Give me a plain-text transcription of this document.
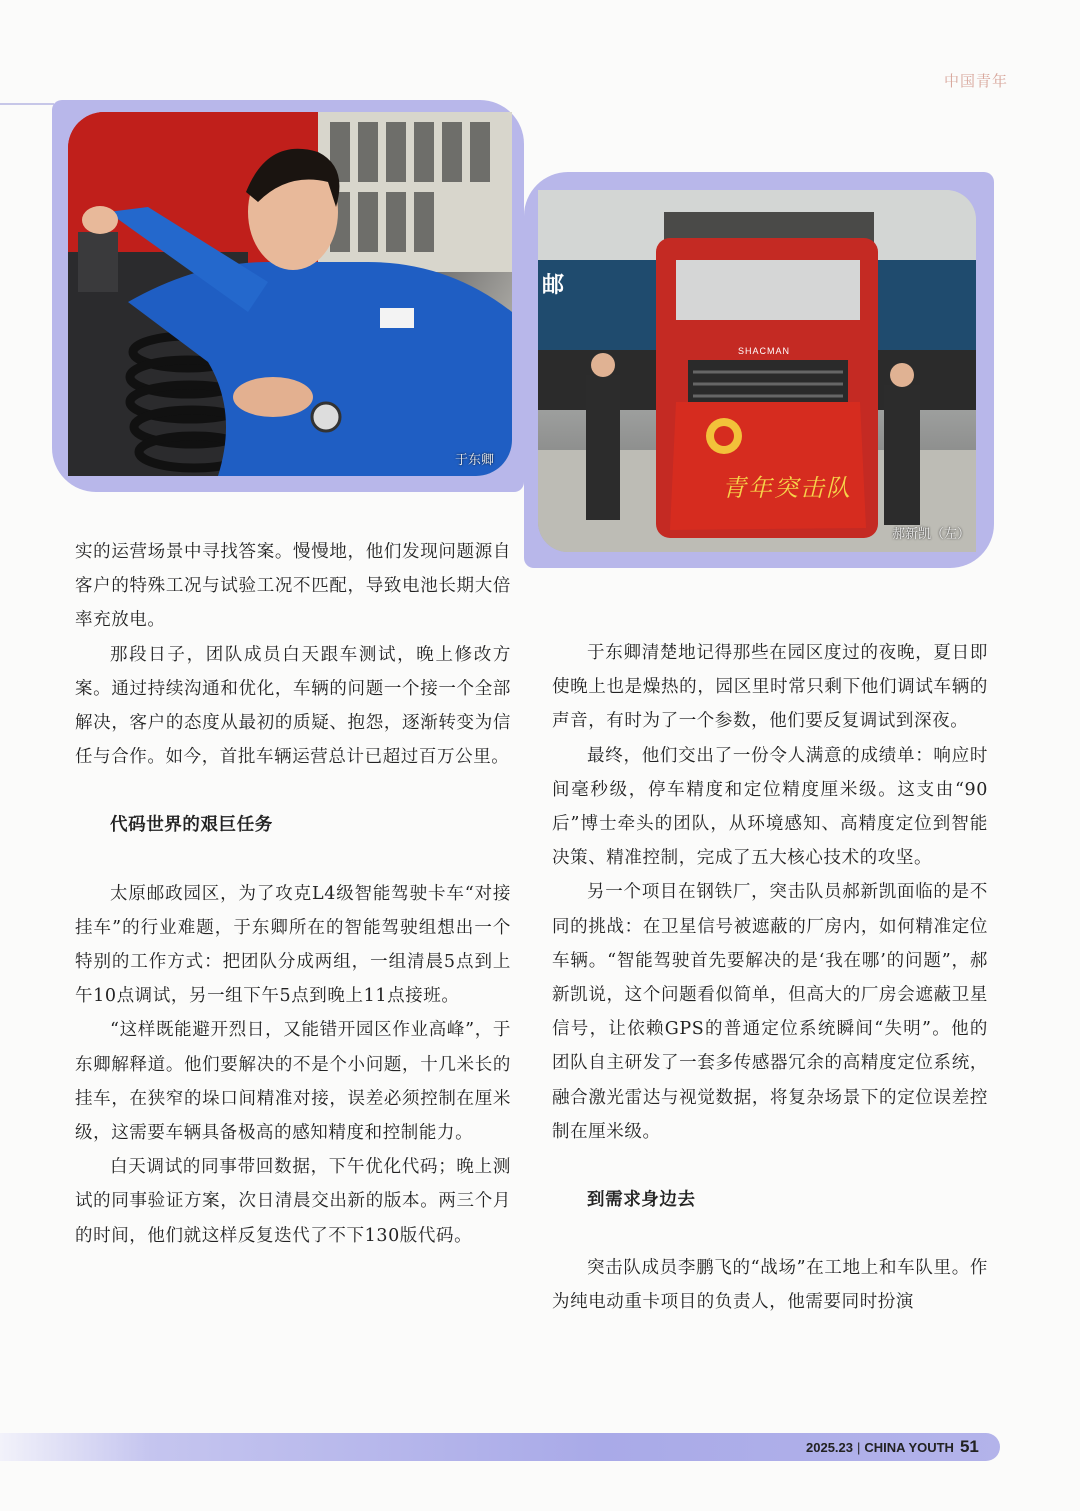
中国青年
于东卿
邮
SHACMAN
青年突击队
郝新凯（左）

实的运营场景中寻找答案。慢慢地，他们发现问题源自客户的特殊工况与试验工况不匹配，导致电池长期大倍率充放电。

那段日子，团队成员白天跟车测试，晚上修改方案。通过持续沟通和优化，车辆的问题一个接一个全部解决，客户的态度从最初的质疑、抱怨，逐渐转变为信任与合作。如今，首批车辆运营总计已超过百万公里。

代码世界的艰巨任务

太原邮政园区，为了攻克L4级智能驾驶卡车“对接挂车”的行业难题，于东卿所在的智能驾驶组想出一个特别的工作方式：把团队分成两组，一组清晨5点到上午10点调试，另一组下午5点到晚上11点接班。

“这样既能避开烈日，又能错开园区作业高峰”，于东卿解释道。他们要解决的不是个小问题，十几米长的挂车，在狭窄的垛口间精准对接，误差必须控制在厘米级，这需要车辆具备极高的感知精度和控制能力。

白天调试的同事带回数据，下午优化代码；晚上测试的同事验证方案，次日清晨交出新的版本。两三个月的时间，他们就这样反复迭代了不下130版代码。

于东卿清楚地记得那些在园区度过的夜晚，夏日即使晚上也是燥热的，园区里时常只剩下他们调试车辆的声音，有时为了一个参数，他们要反复调试到深夜。

最终，他们交出了一份令人满意的成绩单：响应时间毫秒级，停车精度和定位精度厘米级。这支由“90后”博士牵头的团队，从环境感知、高精度定位到智能决策、精准控制，完成了五大核心技术的攻坚。

另一个项目在钢铁厂，突击队员郝新凯面临的是不同的挑战：在卫星信号被遮蔽的厂房内，如何精准定位车辆。“智能驾驶首先要解决的是‘我在哪’的问题”，郝新凯说，这个问题看似简单，但高大的厂房会遮蔽卫星信号，让依赖GPS的普通定位系统瞬间“失明”。他的团队自主研发了一套多传感器冗余的高精度定位系统，融合激光雷达与视觉数据，将复杂场景下的定位误差控制在厘米级。

到需求身边去

突击队成员李鹏飞的“战场”在工地上和车队里。作为纯电动重卡项目的负责人，他需要同时扮演

2025.23 | CHINA YOUTH 51
